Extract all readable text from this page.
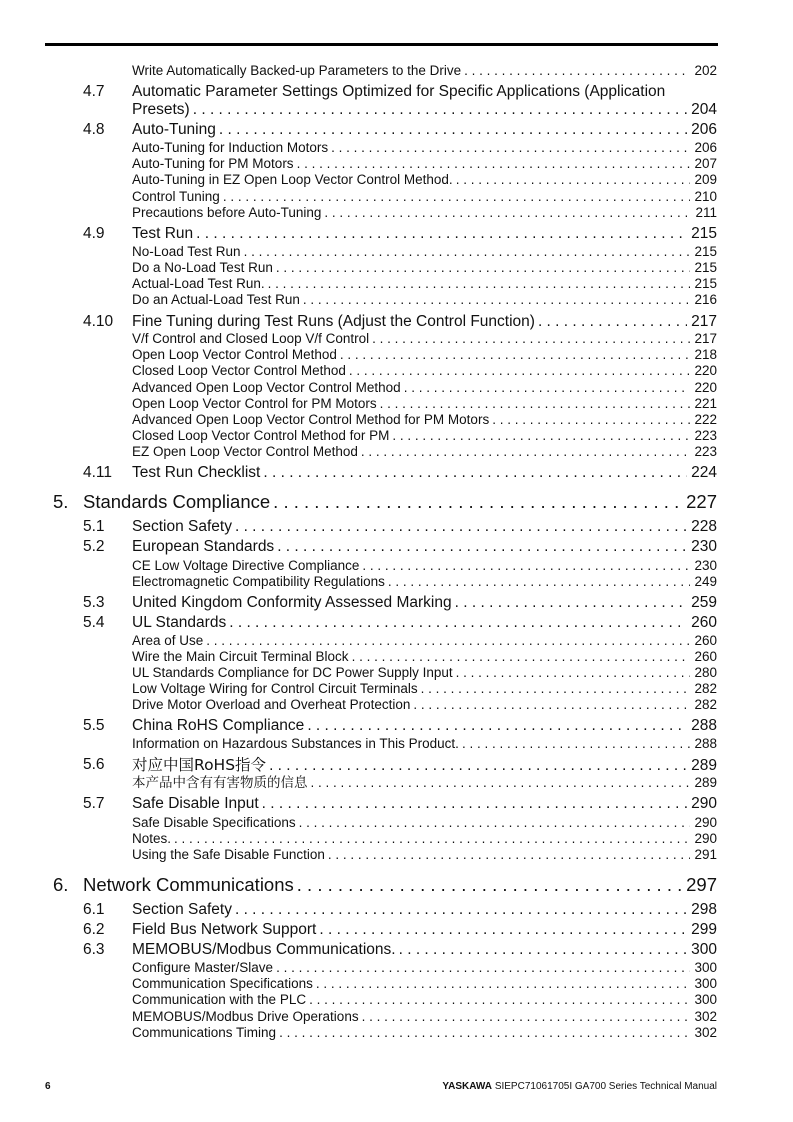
Write Automatically Backed-up Parameters to the Drive . . .	202
4.7 Automatic Parameter Settings Optimized for Specific Applications (Application
Presets) . . .	204
4.8 Auto-Tuning . . .	206
Auto-Tuning for Induction Motors . . .	206
Auto-Tuning for PM Motors . . .	207
Auto-Tuning in EZ Open Loop Vector Control Method. . . .	209
Control Tuning . . .	210
Precautions before Auto-Tuning . . .	211
4.9 Test Run . . .	215
No-Load Test Run . . .	215
Do a No-Load Test Run . . .	215
Actual-Load Test Run. . . .	215
Do an Actual-Load Test Run . . .	216
4.10 Fine Tuning during Test Runs (Adjust the Control Function) . . .	217
V/f Control and Closed Loop V/f Control . . .	217
Open Loop Vector Control Method . . .	218
Closed Loop Vector Control Method . . .	220
Advanced Open Loop Vector Control Method . . .	220
Open Loop Vector Control for PM Motors . . .	221
Advanced Open Loop Vector Control Method for PM Motors . . .	222
Closed Loop Vector Control Method for PM . . .	223
EZ Open Loop Vector Control Method . . .	223
4.11 Test Run Checklist . . .	224
5. Standards Compliance . . .	227
5.1 Section Safety . . .	228
5.2 European Standards . . .	230
CE Low Voltage Directive Compliance . . .	230
Electromagnetic Compatibility Regulations . . .	249
5.3 United Kingdom Conformity Assessed Marking . . .	259
5.4 UL Standards . . .	260
Area of Use . . .	260
Wire the Main Circuit Terminal Block . . .	260
UL Standards Compliance for DC Power Supply Input . . .	280
Low Voltage Wiring for Control Circuit Terminals . . .	282
Drive Motor Overload and Overheat Protection . . .	282
5.5 China RoHS Compliance . . .	288
Information on Hazardous Substances in This Product. . . .	288
5.6 对应中国RoHS指令 . . .	289
本产品中含有有害物质的信息 . . .	289
5.7 Safe Disable Input . . .	290
Safe Disable Specifications . . .	290
Notes. . . .	290
Using the Safe Disable Function . . .	291
6. Network Communications . . .	297
6.1 Section Safety . . .	298
6.2 Field Bus Network Support . . .	299
6.3 MEMOBUS/Modbus Communications. . . .	300
Configure Master/Slave . . .	300
Communication Specifications . . .	300
Communication with the PLC . . .	300
MEMOBUS/Modbus Drive Operations . . .	302
Communications Timing . . .	302
6	YASKAWA SIEPC71061705I GA700 Series Technical Manual
